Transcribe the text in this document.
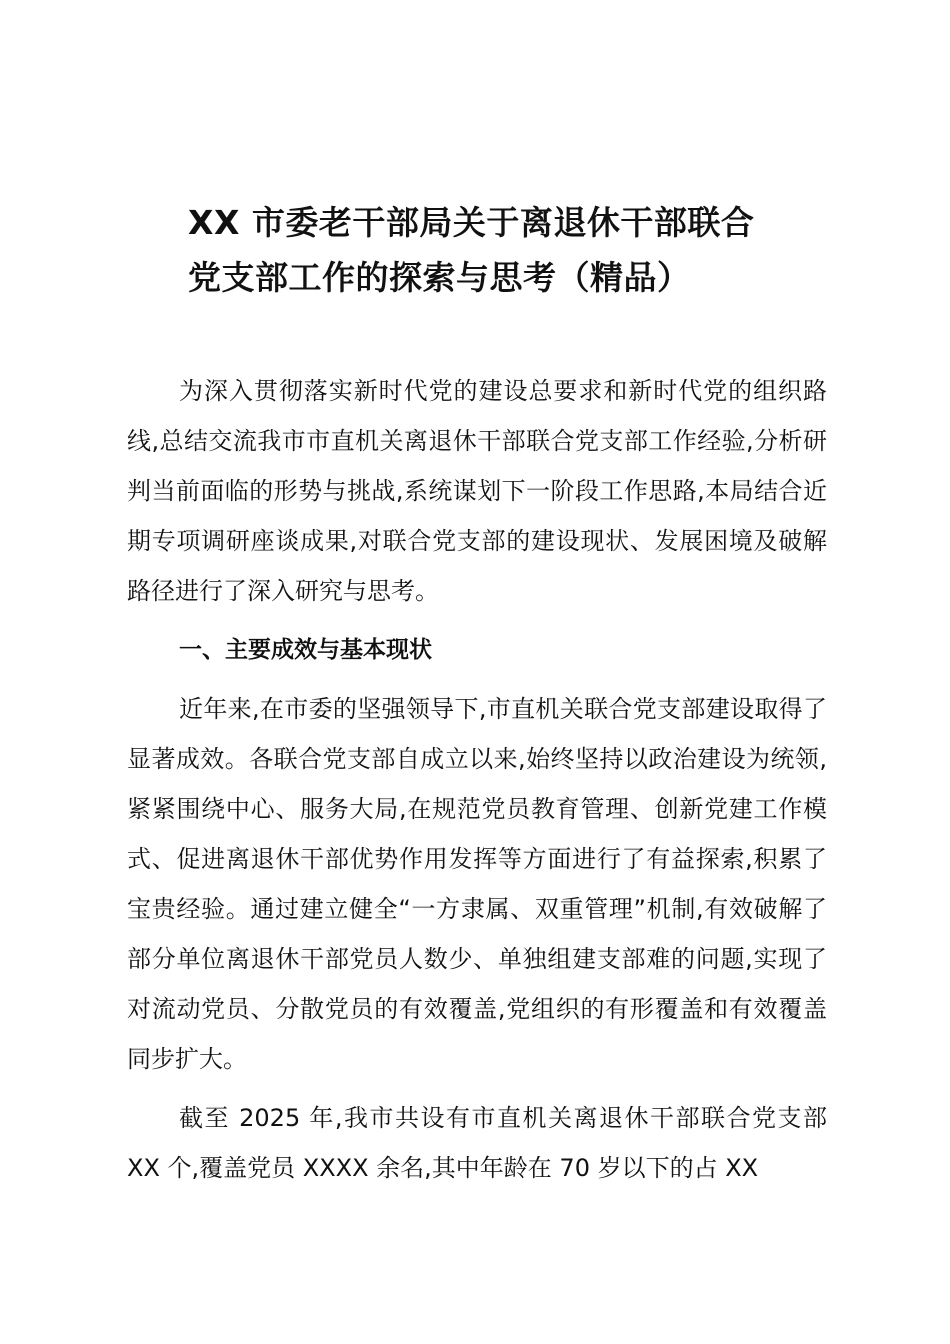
XX 市委老干部局关于离退休干部联合
党支部工作的探索与思考（精品）

为深入贯彻落实新时代党的建设总要求和新时代党的组织路线,总结交流我市市直机关离退休干部联合党支部工作经验,分析研判当前面临的形势与挑战,系统谋划下一阶段工作思路,本局结合近期专项调研座谈成果,对联合党支部的建设现状、发展困境及破解路径进行了深入研究与思考。

一、主要成效与基本现状

近年来,在市委的坚强领导下,市直机关联合党支部建设取得了显著成效。各联合党支部自成立以来,始终坚持以政治建设为统领,紧紧围绕中心、服务大局,在规范党员教育管理、创新党建工作模式、促进离退休干部优势作用发挥等方面进行了有益探索,积累了宝贵经验。通过建立健全“一方隶属、双重管理”机制,有效破解了部分单位离退休干部党员人数少、单独组建支部难的问题,实现了对流动党员、分散党员的有效覆盖,党组织的有形覆盖和有效覆盖同步扩大。

截至 2025 年,我市共设有市直机关离退休干部联合党支部 XX 个,覆盖党员 XXXX 余名,其中年龄在 70 岁以下的占 XX
